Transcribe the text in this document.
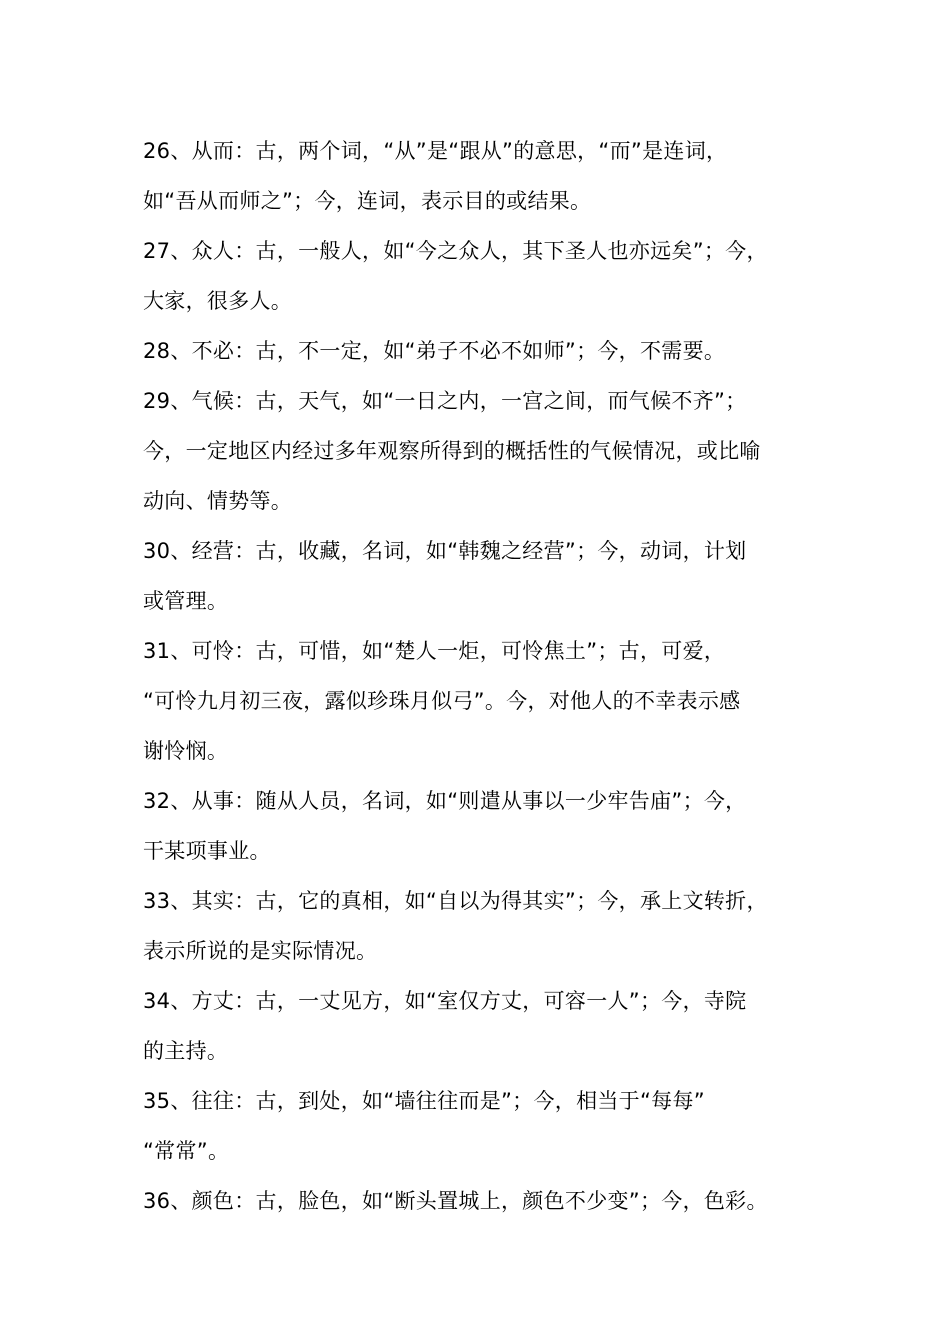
26、从而：古，两个词，“从”是“跟从”的意思，“而”是连词，
如“吾从而师之”；今，连词，表示目的或结果。
27、众人：古，一般人，如“今之众人，其下圣人也亦远矣”；今，
大家，很多人。
28、不必：古，不一定，如“弟子不必不如师”；今，不需要。
29、气候：古，天气，如“一日之内，一宫之间，而气候不齐”；
今，一定地区内经过多年观察所得到的概括性的气候情况，或比喻
动向、情势等。
30、经营：古，收藏，名词，如“韩魏之经营”；今，动词，计划
或管理。
31、可怜：古，可惜，如“楚人一炬，可怜焦土”；古，可爱，
“可怜九月初三夜，露似珍珠月似弓”。今，对他人的不幸表示感
谢怜悯。
32、从事：随从人员，名词，如“则遣从事以一少牢告庙”；今，
干某项事业。
33、其实：古，它的真相，如“自以为得其实”；今，承上文转折，
表示所说的是实际情况。
34、方丈：古，一丈见方，如“室仅方丈，可容一人”；今，寺院
的主持。
35、往往：古，到处，如“墙往往而是”；今，相当于“每每”
“常常”。
36、颜色：古，脸色，如“断头置城上，颜色不少变”；今，色彩。
